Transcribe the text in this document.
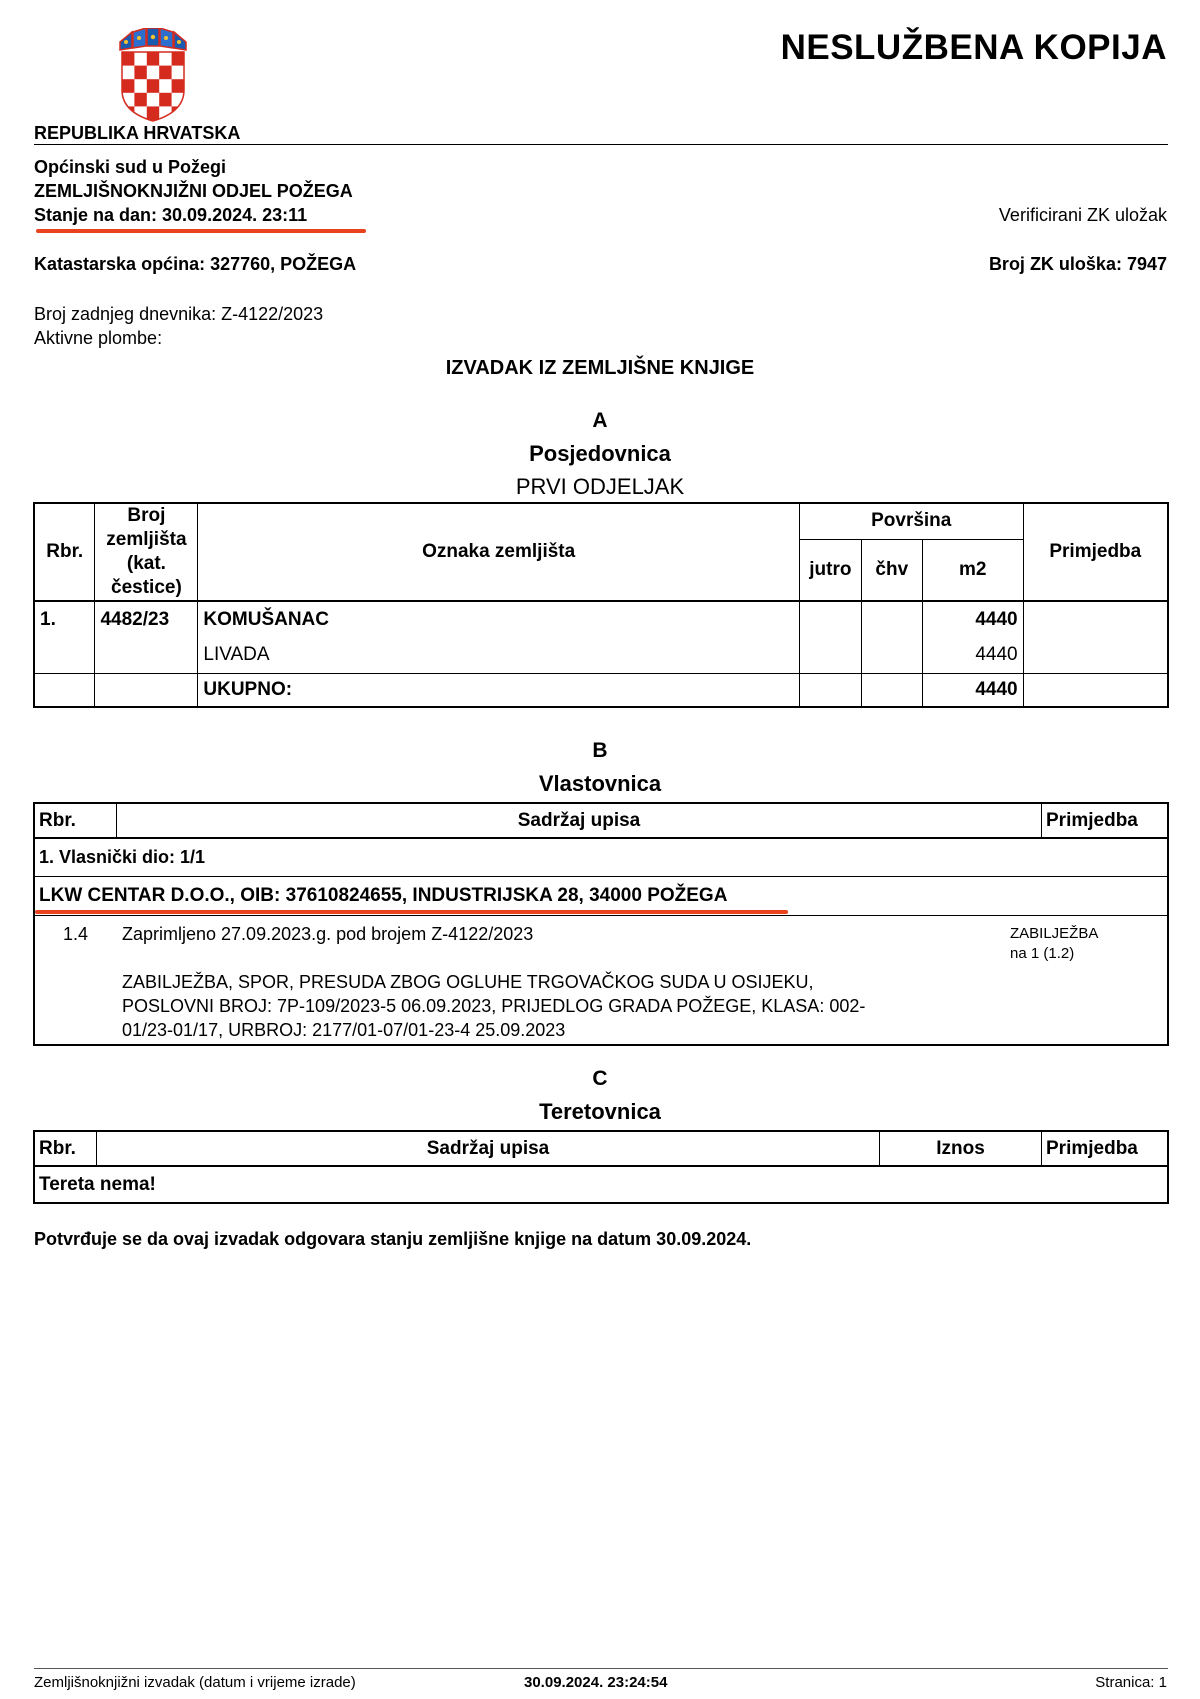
NESLUŽBENA KOPIJA
REPUBLIKA HRVATSKA
Općinski sud u Požegi
ZEMLJIŠNOKNJIŽNI ODJEL POŽEGA
Stanje na dan: 30.09.2024. 23:11	Verificirani ZK uložak
Katastarska općina: 327760, POŽEGA	Broj ZK uloška: 7947
Broj zadnjeg dnevnika: Z-4122/2023
Aktivne plombe:
IZVADAK IZ ZEMLJIŠNE KNJIGE
A
Posjedovnica
PRVI ODJELJAK
Rbr.	Broj zemljišta (kat. čestice)	Oznaka zemljišta	Površina			Primjedba
			jutro	čhv	m2	
1.	4482/23	KOMUŠANAC			4440	
		LIVADA			4440	
		UKUPNO:			4440	
B
Vlastovnica
Rbr.	Sadržaj upisa	Primjedba
1. Vlasnički dio: 1/1
LKW CENTAR D.O.O., OIB: 37610824655, INDUSTRIJSKA 28, 34000 POŽEGA
1.4 Zaprimljeno 27.09.2023.g. pod brojem Z-4122/2023
ZABILJEŽBA, SPOR, PRESUDA ZBOG OGLUHE TRGOVAČKOG SUDA U OSIJEKU,
POSLOVNI BROJ: 7P-109/2023-5 06.09.2023, PRIJEDLOG GRADA POŽEGE, KLASA: 002-
01/23-01/17, URBROJ: 2177/01-07/01-23-4 25.09.2023
ZABILJEŽBA
na 1 (1.2)
C
Teretovnica
Rbr.	Sadržaj upisa	Iznos	Primjedba
Tereta nema!
Potvrđuje se da ovaj izvadak odgovara stanju zemljišne knjige na datum 30.09.2024.
Zemljišnoknjižni izvadak (datum i vrijeme izrade)	30.09.2024. 23:24:54	Stranica: 1
